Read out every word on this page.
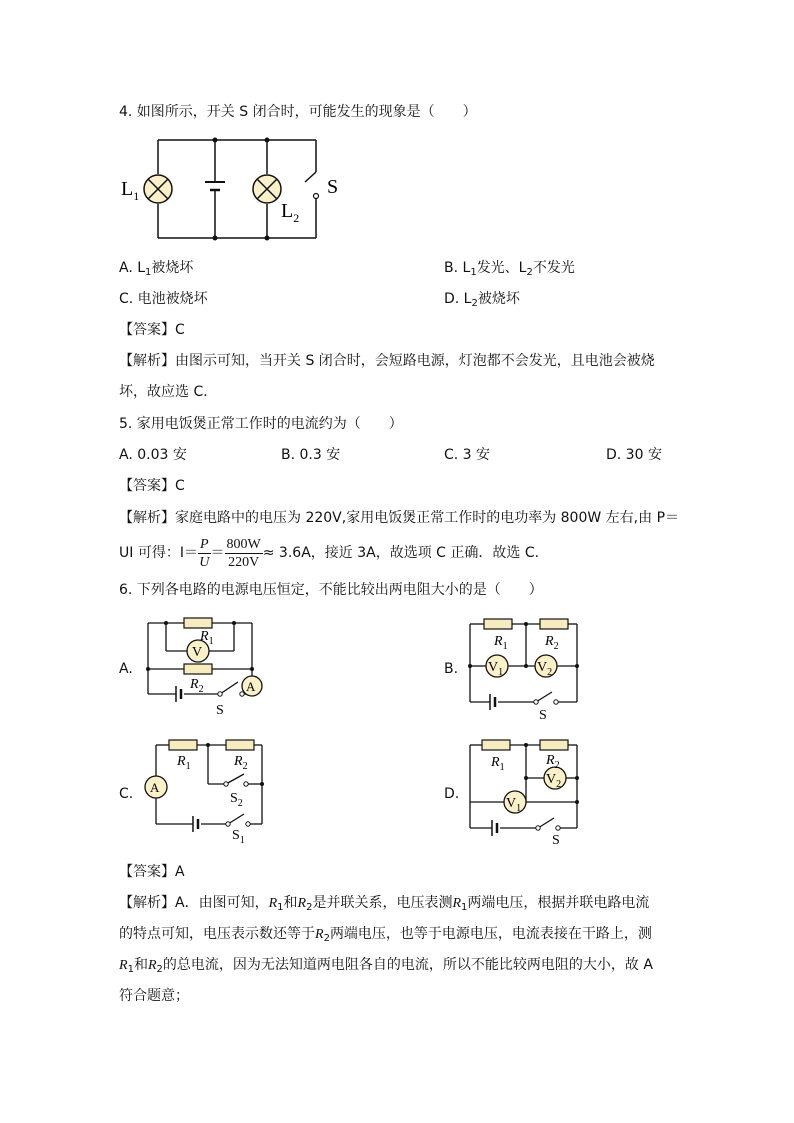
4. 如图所示，开关 S 闭合时，可能发生的现象是（　　）
$L_1$
$L_2$
S
A. $L_1$被烧坏	B. $L_1$发光、$L_2$不发光
C. 电池被烧坏	D. $L_2$被烧坏
【答案】C
【解析】由图示可知，当开关 S 闭合时，会短路电源，灯泡都不会发光，且电池会被烧
坏，故应选 C．
5. 家用电饭煲正常工作时的电流约为（　　）
A. 0.03 安	B. 0.3 安	C. 3 安	D. 30 安
【答案】C
【解析】家庭电路中的电压为 220V,家用电饭煲正常工作时的电功率为 800W 左右,由 P＝
UI 可得：$I= \frac{P}{U} = \frac{800W}{220V} \approx 3.6A$，接近 3A，故选项 C 正确．故选 C.
6. 下列各电路的电源电压恒定，不能比较出两电阻大小的是（　　）
A.
V
A
$R_1$
$R_2$
S
B. $V_1$ $V_2$
$R_1$	$R_2$
S
C. A
$R_1$	$R_2$
$S_2$
$S_1$
D.
$V_2$
$V_1$
$R_1$	$R_2$
S
【答案】A
【解析】A．由图可知，$R_1$和$R_2$是并联关系，电压表测$R_1$两端电压，根据并联电路电流
的特点可知，电压表示数还等于$R_2$两端电压，也等于电源电压，电流表接在干路上，测
$R_1$和$R_2$的总电流，因为无法知道两电阻各自的电流，所以不能比较两电阻的大小，故 A
符合题意；
